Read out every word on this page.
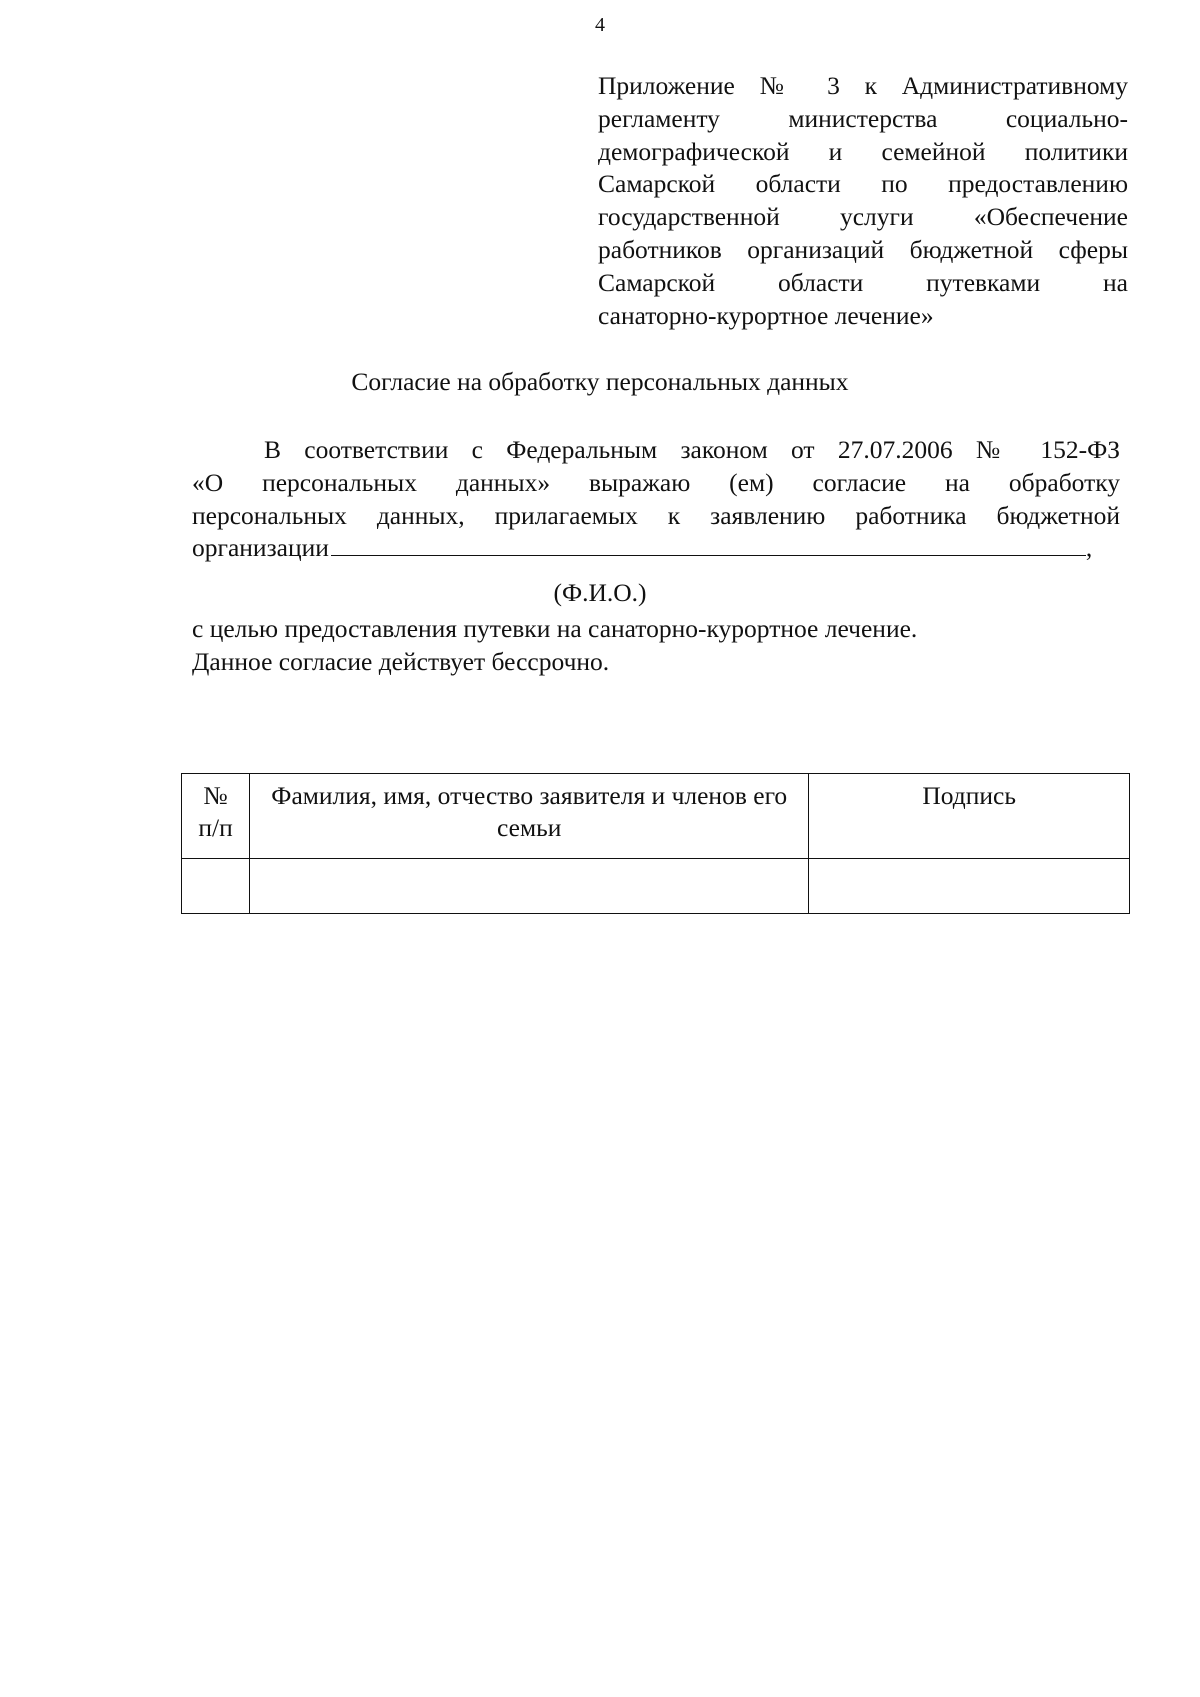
4
Приложение № 3 к Административному
регламенту министерства социально-
демографической и семейной политики
Самарской области по предоставлению
государственной услуги «Обеспечение
работников организаций бюджетной сферы
Самарской области путевками на
санаторно-курортное лечение»
Согласие на обработку персональных данных
В соответствии с Федеральным законом от 27.07.2006 № 152-ФЗ
«О персональных данных» выражаю (ем) согласие на обработку
персональных данных, прилагаемых к заявлению работника бюджетной
организации	,
(Ф.И.О.)
с целью предоставления путевки на санаторно-курортное лечение.
Данное согласие действует бессрочно.
№ п/п	Фамилия, имя, отчество заявителя и членов его семьи	Подпись
